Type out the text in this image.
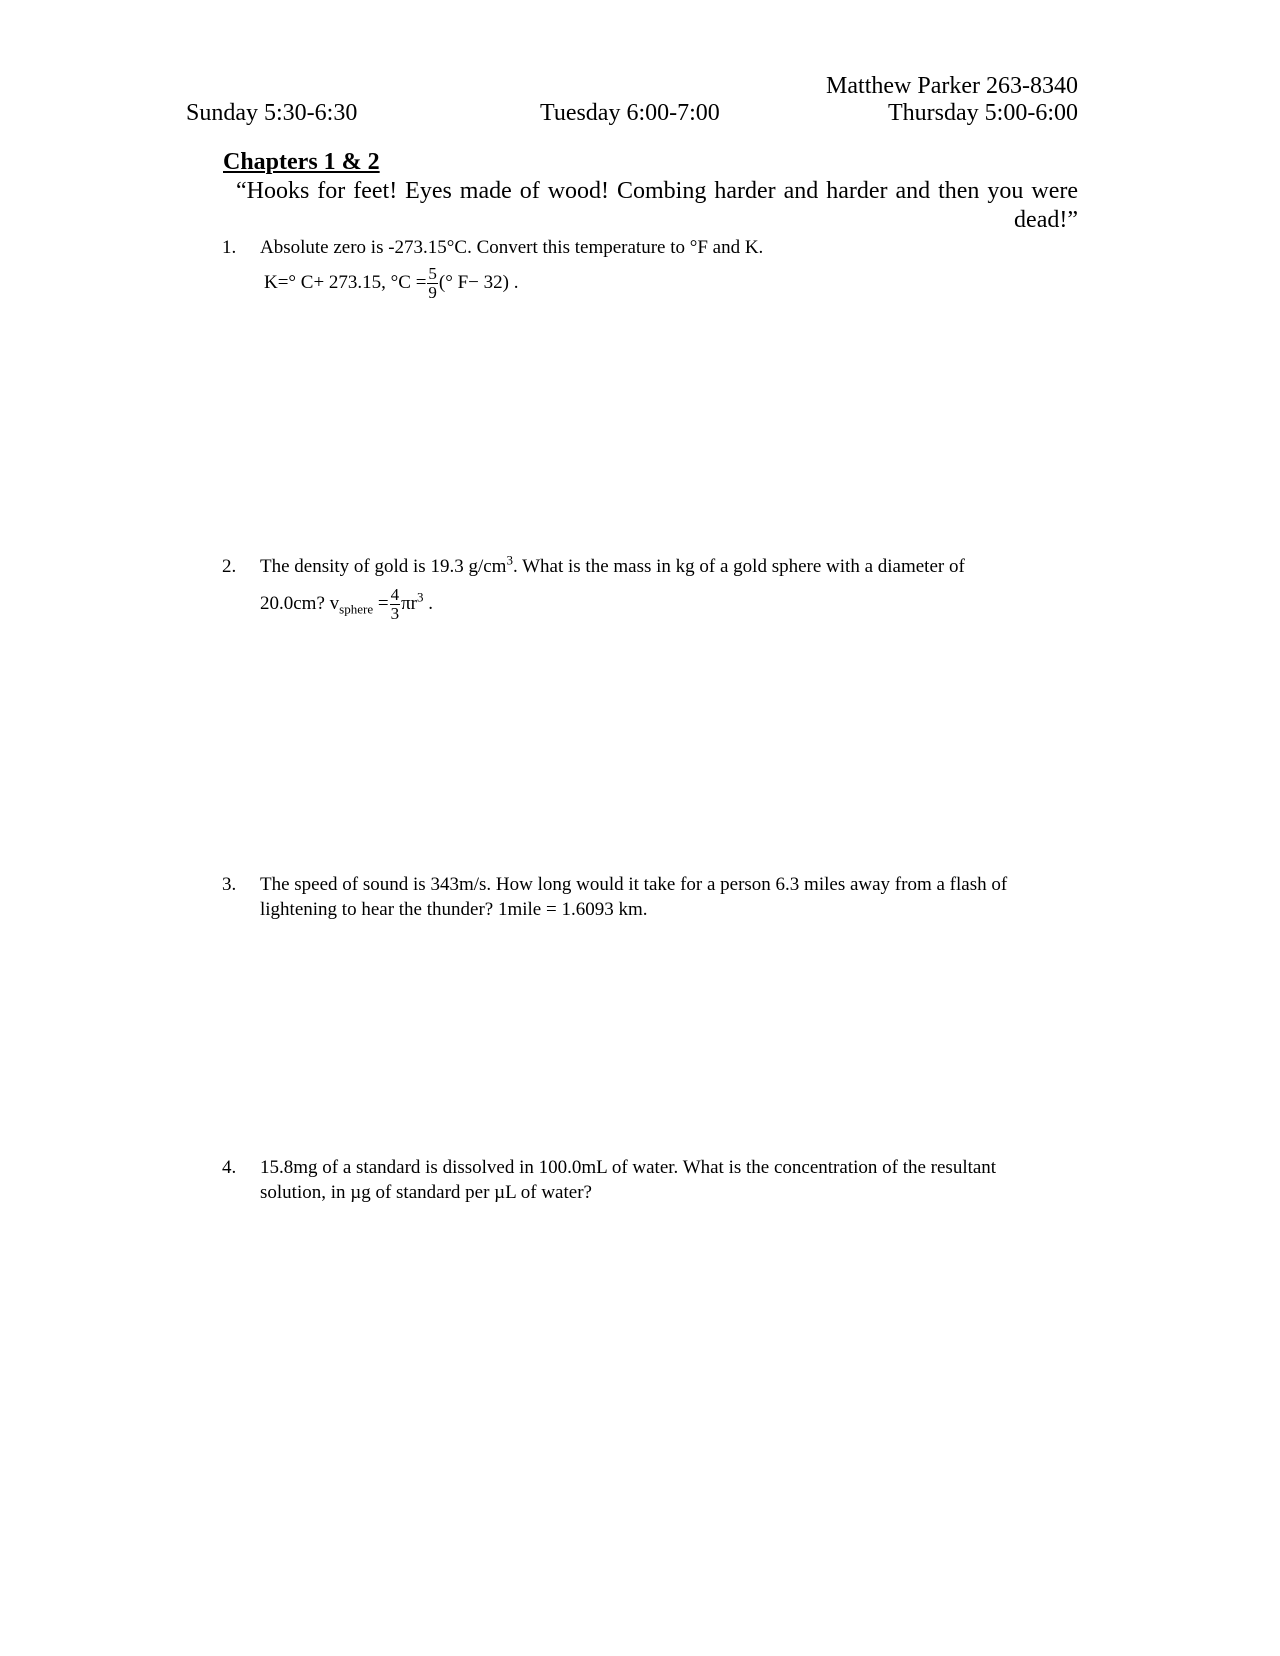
Matthew Parker 263-8340
Sunday 5:30-6:30	Tuesday 6:00-7:00	Thursday 5:00-6:00
Chapters 1 & 2
“Hooks for feet! Eyes made of wood! Combing harder and harder and then you were
dead!”
1. Absolute zero is -273.15°C. Convert this temperature to °F and K.
K=° C+ 273.15, $^\circ C = \frac{5}{9}$ (° F− 32) .
2. The density of gold is 19.3 $g/cm^3$. What is the mass in kg of a gold sphere with a diameter of
20.0cm? $v_{sphere} = \frac{4}{3} \pi r^3$ .
3. The speed of sound is 343m/s. How long would it take for a person 6.3 miles away from a flash of
lightening to hear the thunder? 1mile = 1.6093 km.
4. 15.8mg of a standard is dissolved in 100.0mL of water. What is the concentration of the resultant
solution, in µg of standard per µL of water?
